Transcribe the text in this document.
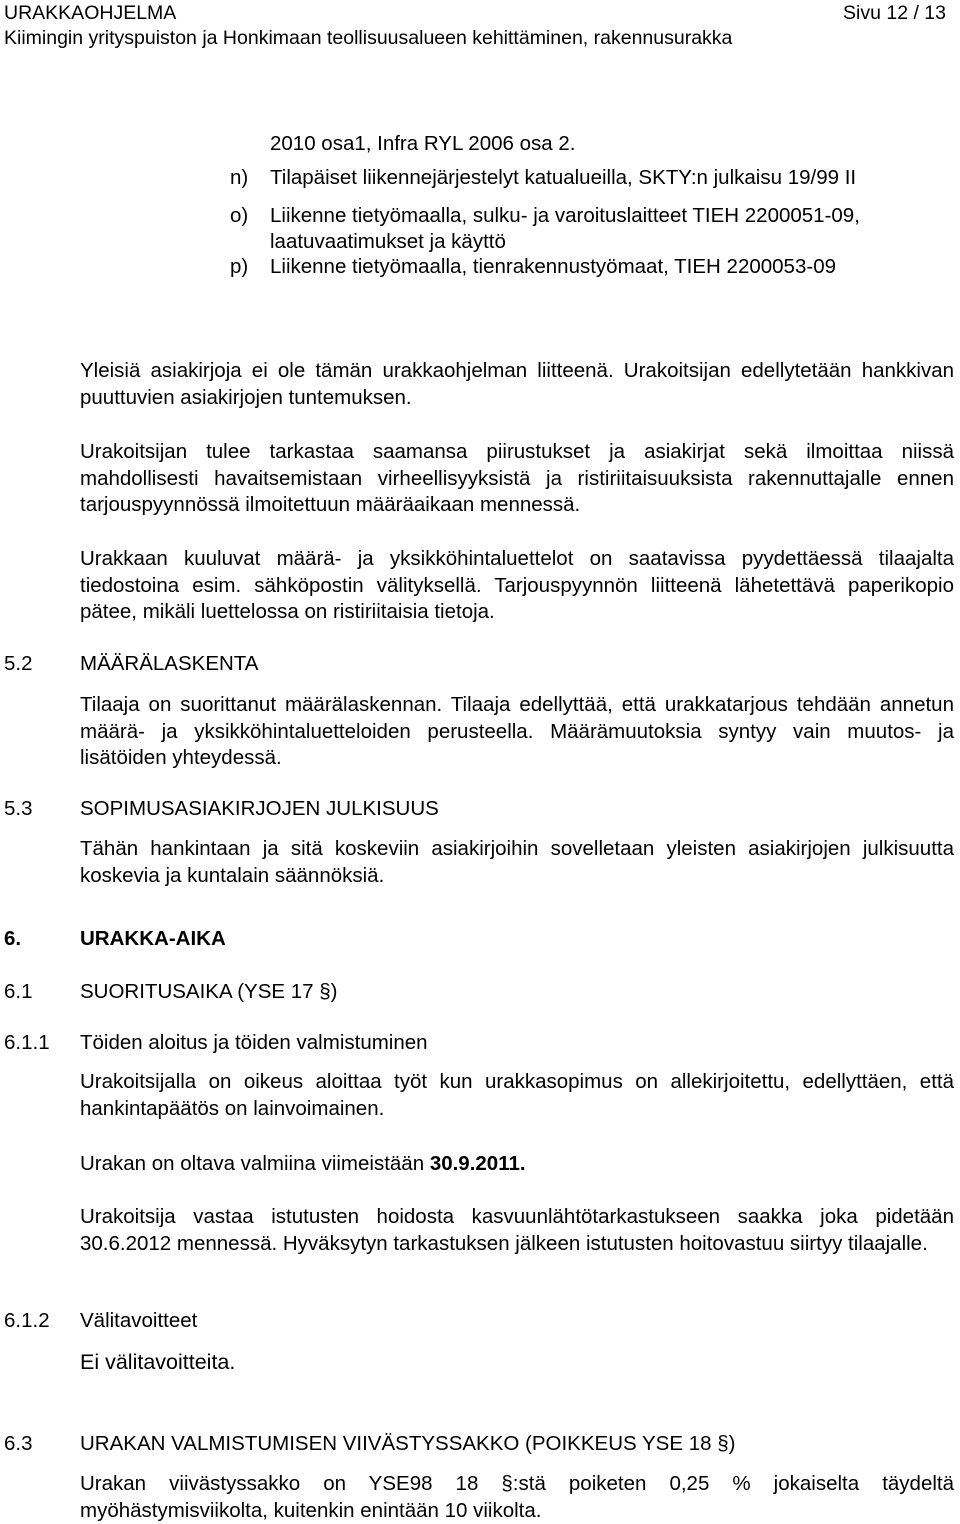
URAKKAOHJELMA	Sivu 12 / 13

Kiimingin yrityspuiston ja Honkimaan teollisuusalueen kehittäminen, rakennusurakka

2010 osa1, Infra RYL 2006 osa 2.

n) Tilapäiset liikennejärjestelyt katualueilla, SKTY:n julkaisu 19/99 II

o) Liikenne tietyömaalla, sulku- ja varoituslaitteet TIEH 2200051-09,

laatuvaatimukset ja käyttö

p) Liikenne tietyömaalla, tienrakennustyömaat, TIEH 2200053-09

Yleisiä asiakirjoja ei ole tämän urakkaohjelman liitteenä. Urakoitsijan edellytetään hankkivan puuttuvien asiakirjojen tuntemuksen.

Urakoitsijan tulee tarkastaa saamansa piirustukset ja asiakirjat sekä ilmoittaa niissä mahdollisesti havaitsemistaan virheellisyyksistä ja ristiriitaisuuksista rakennuttajalle ennen tarjouspyynnössä ilmoitettuun määräaikaan mennessä.

Urakkaan kuuluvat määrä- ja yksikköhintaluettelot on saatavissa pyydettäessä tilaajalta tiedostoina esim. sähköpostin välityksellä. Tarjouspyynnön liitteenä lähetettävä paperikopio pätee, mikäli luettelossa on ristiriitaisia tietoja.

5.2 MÄÄRÄLASKENTA

Tilaaja on suorittanut määrälaskennan. Tilaaja edellyttää, että urakkatarjous tehdään annetun määrä- ja yksikköhintaluetteloiden perusteella. Määrämuutoksia syntyy vain muutos- ja lisätöiden yhteydessä.

5.3 SOPIMUSASIAKIRJOJEN JULKISUUS

Tähän hankintaan ja sitä koskeviin asiakirjoihin sovelletaan yleisten asiakirjojen julkisuutta koskevia ja kuntalain säännöksiä.

6.	URAKKA-AIKA

6.1 SUORITUSAIKA (YSE 17 §)

6.1.1 Töiden aloitus ja töiden valmistuminen

Urakoitsijalla on oikeus aloittaa työt kun urakkasopimus on allekirjoitettu, edellyttäen, että hankintapäätös on lainvoimainen.

Urakan on oltava valmiina viimeistään 30.9.2011.

Urakoitsija vastaa istutusten hoidosta kasvuunlähtötarkastukseen saakka joka pidetään 30.6.2012 mennessä. Hyväksytyn tarkastuksen jälkeen istutusten hoitovastuu siirtyy tilaajalle.

6.1.2 Välitavoitteet

Ei välitavoitteita.

6.3 URAKAN VALMISTUMISEN VIIVÄSTYSSAKKO (POIKKEUS YSE 18 §)

Urakan viivästyssakko on YSE98 18 §:stä poiketen 0,25 % jokaiselta täydeltä myöhästymisviikolta, kuitenkin enintään 10 viikolta.
